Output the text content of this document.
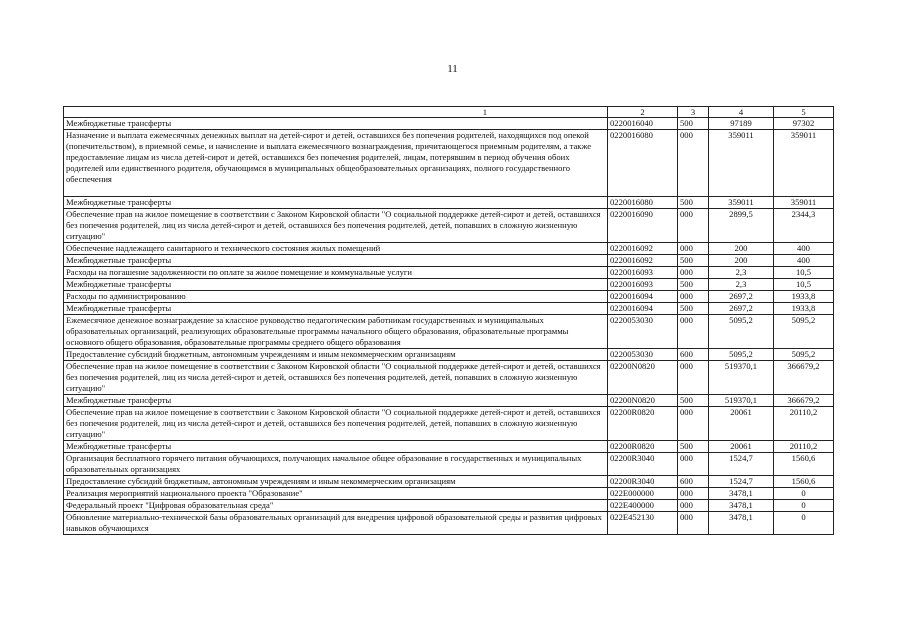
11
1	2	3	4	5
Межбюджетные трансферты	0220016040	500	97189	97302
Назначение и выплата ежемесячных денежных выплат на детей-сирот и детей, оставшихся без попечения родителей, находящихся под опекой (попечительством), в приемной семье, и начисление и выплата ежемесячного вознаграждения, причитающегося приемным родителям, а также предоставление лицам из числа детей-сирот и детей, оставшихся без попечения родителей, лицам, потерявшим в период обучения обоих родителей или единственного родителя, обучающимся в муниципальных общеобразовательных организациях, полного государственного обеспечения	0220016080	000	359011	359011
Межбюджетные трансферты	0220016080	500	359011	359011
Обеспечение прав на жилое помещение в соответствии с Законом Кировской области "О социальной поддержке детей-сирот и детей, оставшихся без попечения родителей, лиц из числа детей-сирот и детей, оставшихся без попечения родителей, детей, попавших в сложную жизненную ситуацию"	0220016090	000	2899,5	2344,3
Обеспечение надлежащего санитарного и технического состояния жилых помещений	0220016092	000	200	400
Межбюджетные трансферты	0220016092	500	200	400
Расходы на погашение задолженности по оплате за жилое помещение и коммунальные услуги	0220016093	000	2,3	10,5
Межбюджетные трансферты	0220016093	500	2,3	10,5
Расходы по администрированию	0220016094	000	2697,2	1933,8
Межбюджетные трансферты	0220016094	500	2697,2	1933,8
Ежемесячное денежное вознаграждение за классное руководство педагогическим работникам государственных и муниципальных образовательных организаций, реализующих образовательные программы начального общего образования, образовательные программы основного общего образования, образовательные программы среднего общего образования	0220053030	000	5095,2	5095,2
Предоставление субсидий бюджетным, автономным учреждениям и иным некоммерческим организациям	0220053030	600	5095,2	5095,2
Обеспечение прав на жилое помещение в соответствии с Законом Кировской области "О социальной поддержке детей-сирот и детей, оставшихся без попечения родителей, лиц из числа детей-сирот и детей, оставшихся без попечения родителей, детей, попавших в сложную жизненную ситуацию"	02200N0820	000	519370,1	366679,2
Межбюджетные трансферты	02200N0820	500	519370,1	366679,2
Обеспечение прав на жилое помещение в соответствии с Законом Кировской области "О социальной поддержке детей-сирот и детей, оставшихся без попечения родителей, лиц из числа детей-сирот и детей, оставшихся без попечения родителей, детей, попавших в сложную жизненную ситуацию"	02200R0820	000	20061	20110,2
Межбюджетные трансферты	02200R0820	500	20061	20110,2
Организация бесплатного горячего питания обучающихся, получающих начальное общее образование в государственных и муниципальных образовательных организациях	02200R3040	000	1524,7	1560,6
Предоставление субсидий бюджетным, автономным учреждениям и иным некоммерческим организациям	02200R3040	600	1524,7	1560,6
Реализация мероприятий национального проекта "Образование"	022E000000	000	3478,1	0
Федеральный проект "Цифровая образовательная среда"	022E400000	000	3478,1	0
Обновление материально-технической базы образовательных организаций для внедрения цифровой образовательной среды и развития цифровых навыков обучающихся	022E452130	000	3478,1	0
